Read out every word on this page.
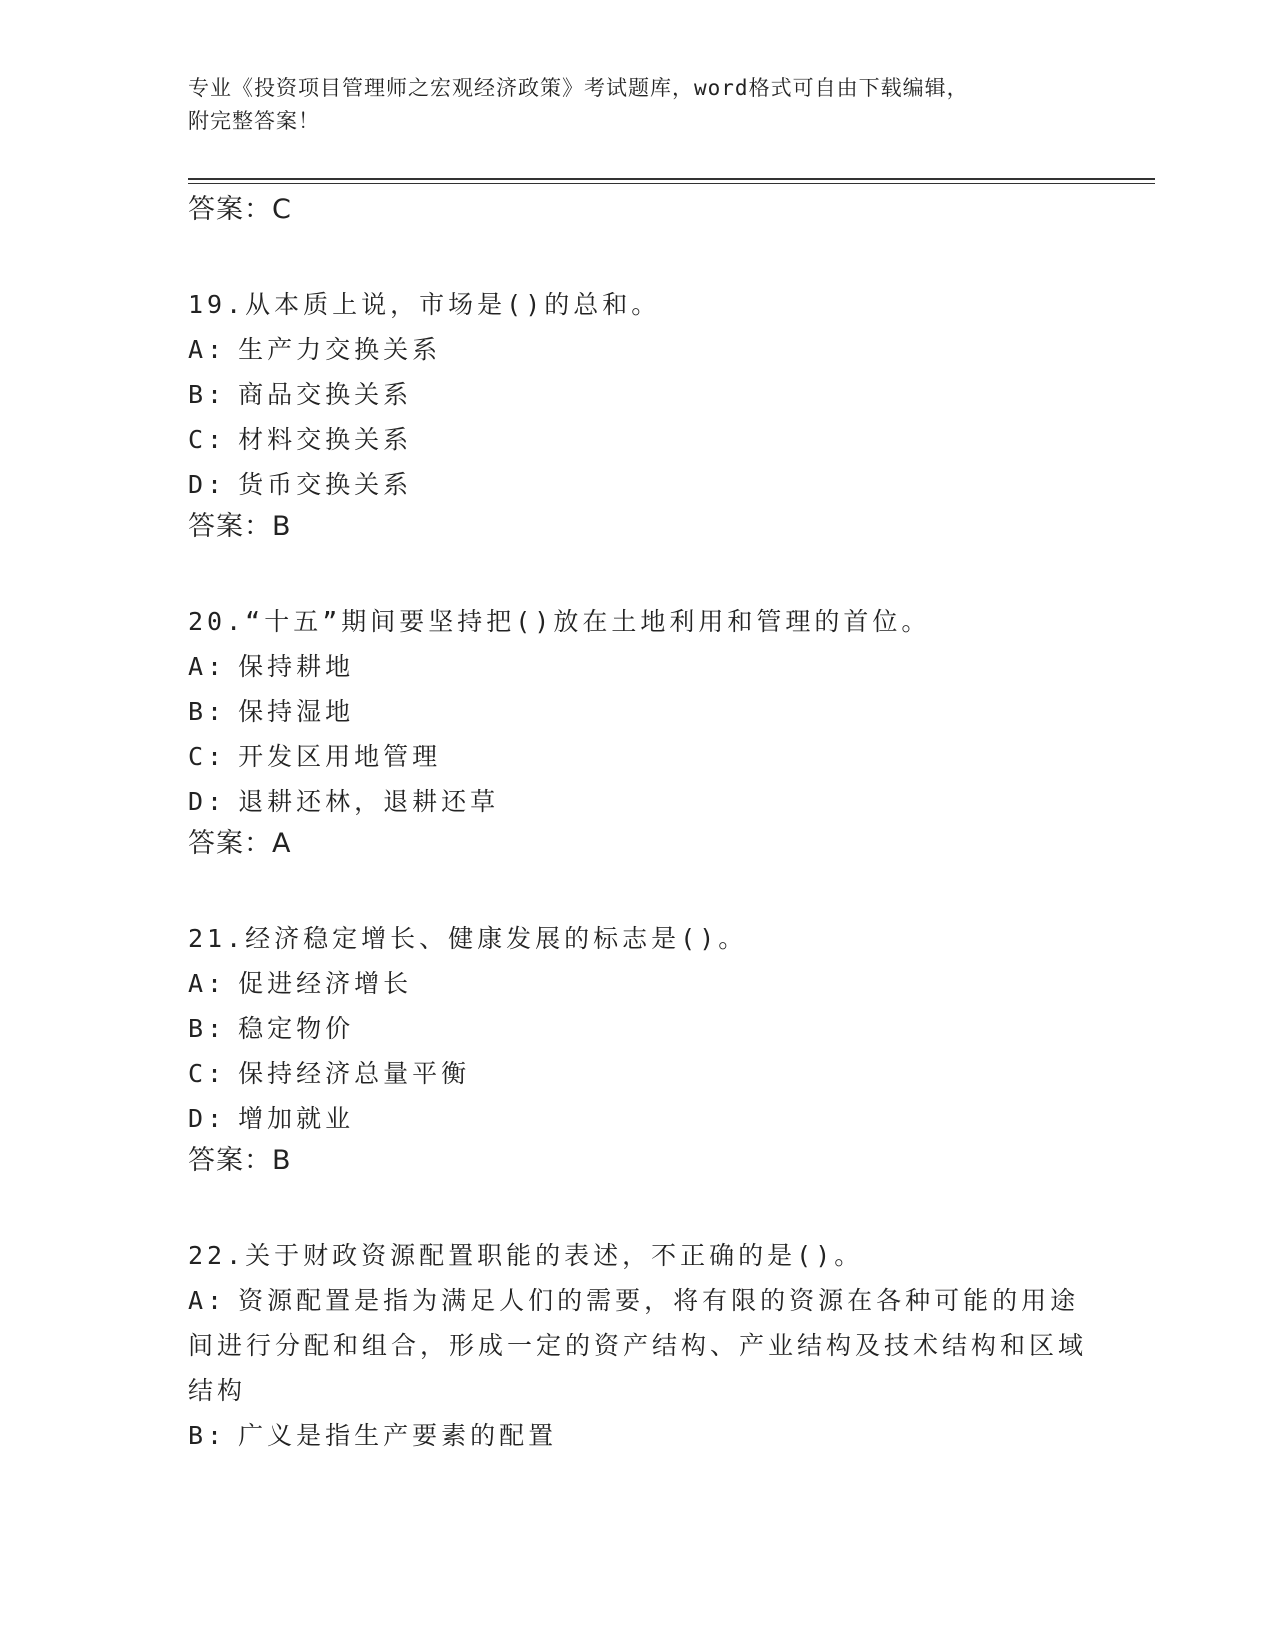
专业《投资项目管理师之宏观经济政策》考试题库，word格式可自由下载编辑，
附完整答案！
答案：C
19.从本质上说，市场是()的总和。
A: 生产力交换关系
B: 商品交换关系
C: 材料交换关系
D: 货币交换关系
答案：B
20.“十五”期间要坚持把()放在土地利用和管理的首位。
A: 保持耕地
B: 保持湿地
C: 开发区用地管理
D: 退耕还林，退耕还草
答案：A
21.经济稳定增长、健康发展的标志是()。
A: 促进经济增长
B: 稳定物价
C: 保持经济总量平衡
D: 增加就业
答案：B
22.关于财政资源配置职能的表述，不正确的是()。
A: 资源配置是指为满足人们的需要，将有限的资源在各种可能的用途间进行分配和组合，形成一定的资产结构、产业结构及技术结构和区域结构
B: 广义是指生产要素的配置
